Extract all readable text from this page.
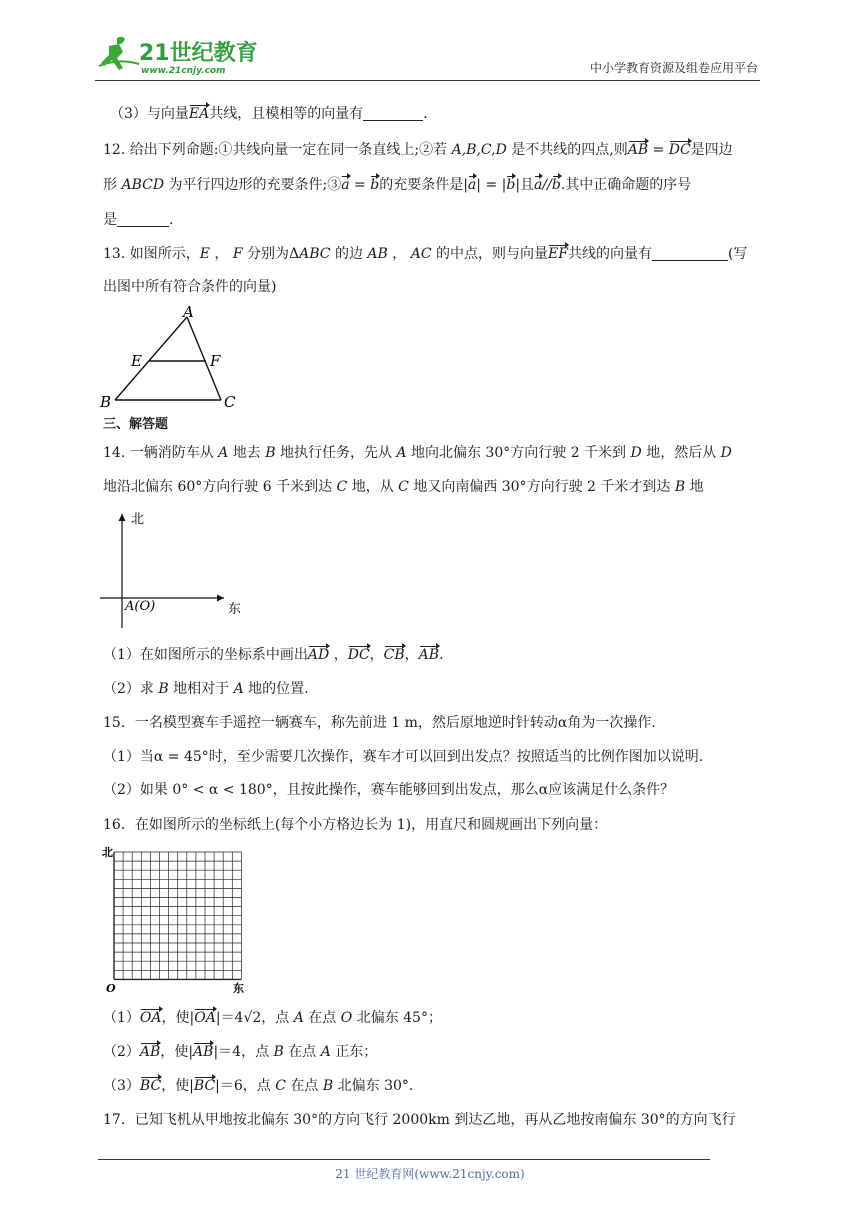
21世纪教育
www.21cnjy.com	中小学教育资源及组卷应用平台
（3）与向量EA共线，且模相等的向量有	.
12. 给出下列命题:①共线向量一定在同一条直线上;②若 A,B,C,D 是不共线的四点,则AB = DC是四边
形 ABCD 为平行四边形的充要条件;③a = b的充要条件是|a| = |b|且a//b.其中正确命题的序号
是	.
13. 如图所示，E ， F 分别为ΔABC 的边 AB ， AC 的中点，则与向量EF共线的向量有	(写
出图中所有符合条件的向量)
A
B	C
E	F
三、解答题
14. 一辆消防车从 A 地去 B 地执行任务，先从 A 地向北偏东 30°方向行驶 2 千米到 D 地，然后从 D
地沿北偏东 60°方向行驶 6 千米到达 C 地，从 C 地又向南偏西 30°方向行驶 2 千米才到达 B 地
北
东
A(O)
（1）在如图所示的坐标系中画出AD ，DC，CB，AB.
（2）求 B 地相对于 A 地的位置.
15．一名模型赛车手遥控一辆赛车，称先前进 1 m，然后原地逆时针转动α角为一次操作.
（1）当α = 45°时，至少需要几次操作，赛车才可以回到出发点？按照适当的比例作图加以说明.
（2）如果 0° < α < 180°，且按此操作，赛车能够回到出发点，那么α应该满足什么条件？
16．在如图所示的坐标纸上(每个小方格边长为 1)，用直尺和圆规画出下列向量：
北
东
O
（1）OA，使|OA|＝4√2，点 A 在点 O 北偏东 45°；
（2）AB，使|AB|＝4，点 B 在点 A 正东；
（3）BC，使|BC|＝6，点 C 在点 B 北偏东 30°.
17．已知飞机从甲地按北偏东 30°的方向飞行 2000km 到达乙地，再从乙地按南偏东 30°的方向飞行
21 世纪教育网(www.21cnjy.com)
